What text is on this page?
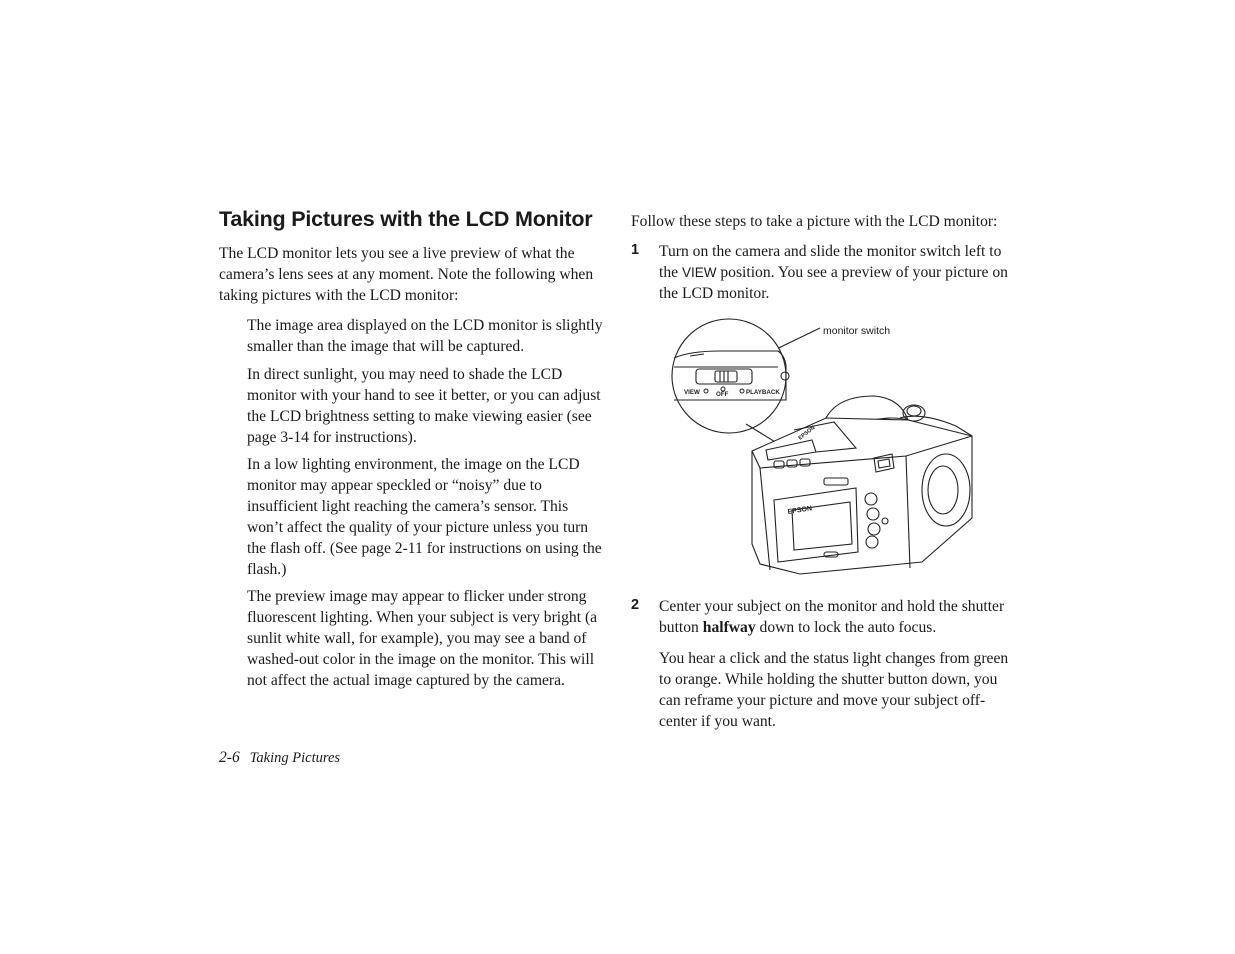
Taking Pictures with the LCD Monitor

The LCD monitor lets you see a live preview of what the camera’s lens sees at any moment. Note the following when taking pictures with the LCD monitor:

The image area displayed on the LCD monitor is slightly smaller than the image that will be captured.

In direct sunlight, you may need to shade the LCD monitor with your hand to see it better, or you can adjust the LCD brightness setting to make viewing easier (see page 3-14 for instructions).

In a low lighting environment, the image on the LCD monitor may appear speckled or “noisy” due to insufficient light reaching the camera’s sensor. This won’t affect the quality of your picture unless you turn the flash off. (See page 2-11 for instructions on using the flash.)

The preview image may appear to flicker under strong fluorescent lighting. When your subject is very bright (a sunlit white wall, for example), you may see a band of washed-out color in the image on the monitor. This will not affect the actual image captured by the camera.

Follow these steps to take a picture with the LCD monitor:

1 Turn on the camera and slide the monitor switch left to the VIEW position. You see a preview of your picture on the LCD monitor.

VIEW	OFF	PLAYBACK
EPSON
EPSON
monitor switch
2 Center your subject on the monitor and hold the shutter button halfway down to lock the auto focus.

You hear a click and the status light changes from green to orange. While holding the shutter button down, you can reframe your picture and move your subject off-center if you want.

2-6 Taking Pictures
